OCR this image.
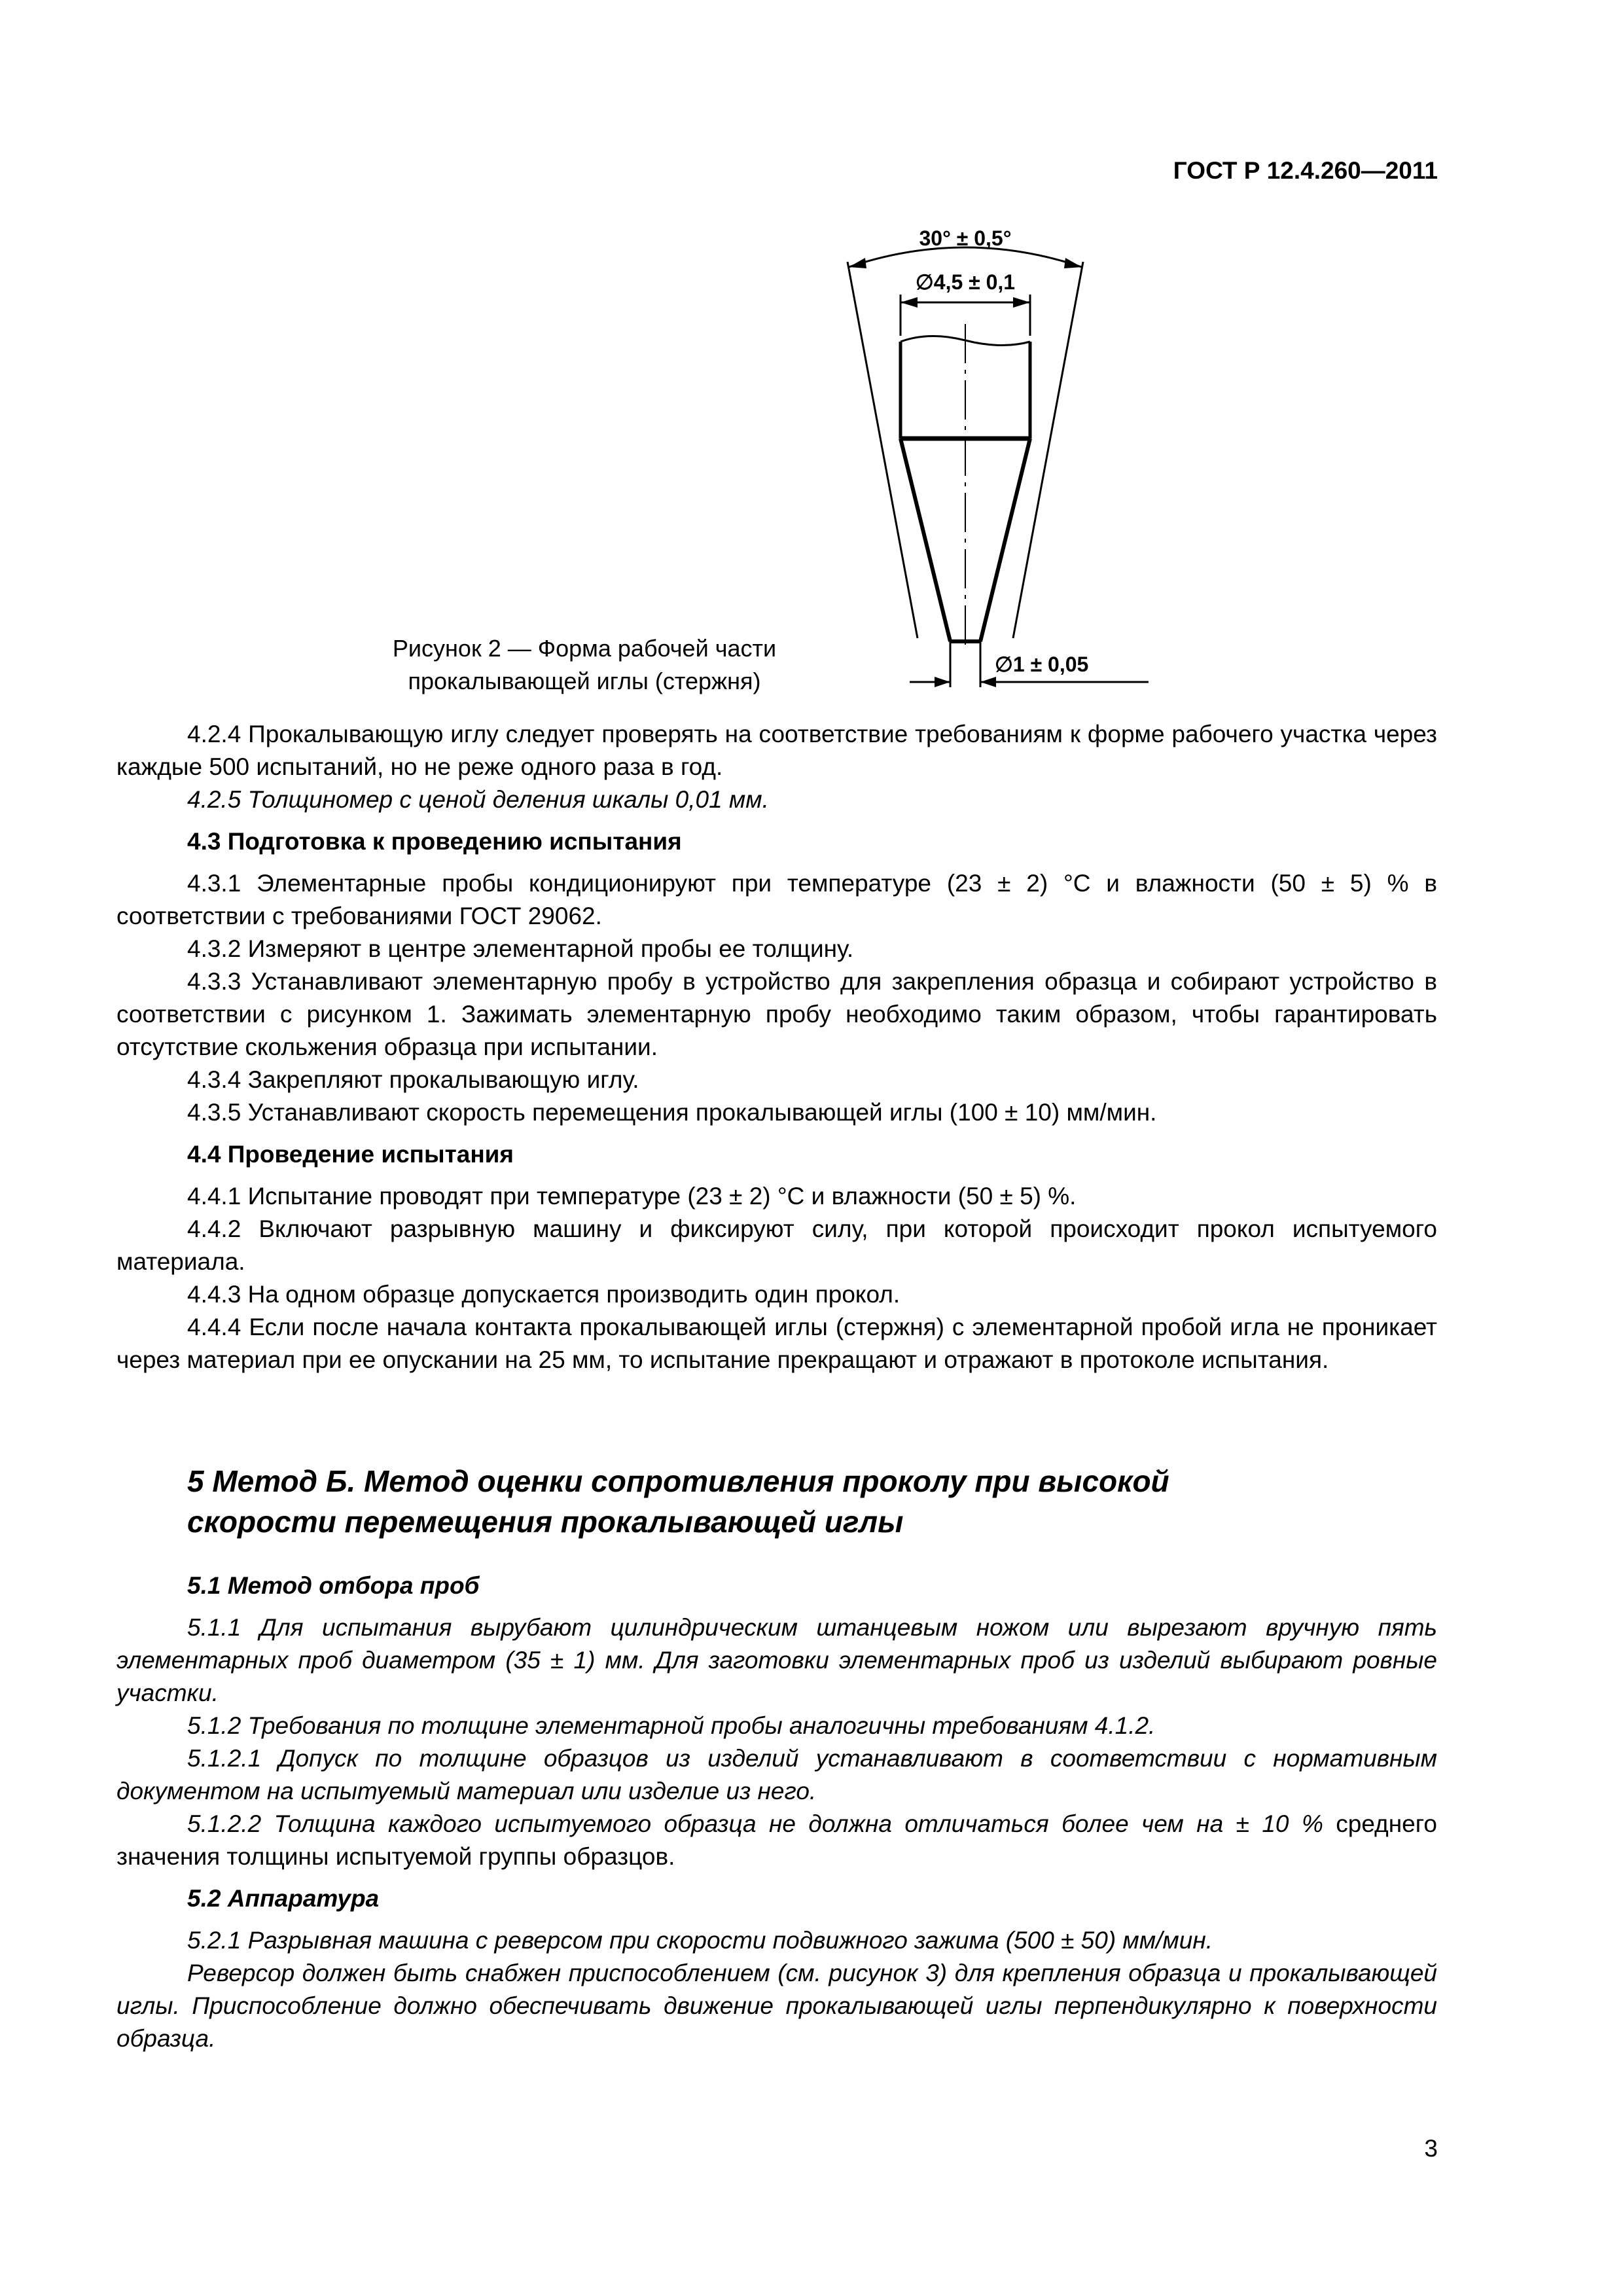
ГОСТ Р 12.4.260—2011
30° ± 0,5°
∅4,5 ± 0,1
∅1 ± 0,05
Рисунок 2 — Форма рабочей части
прокалывающей иглы (стержня)

4.2.4 Прокалывающую иглу следует проверять на соответствие требованиям к форме рабочего участка через каждые 500 испытаний, но не реже одного раза в год.

4.2.5 Толщиномер с ценой деления шкалы 0,01 мм.

4.3 Подготовка к проведению испытания

4.3.1 Элементарные пробы кондиционируют при температуре (23 ± 2) °С и влажности (50 ± 5) % в соответствии с требованиями ГОСТ 29062.

4.3.2 Измеряют в центре элементарной пробы ее толщину.

4.3.3 Устанавливают элементарную пробу в устройство для закрепления образца и собирают устройство в соответствии с рисунком 1. Зажимать элементарную пробу необходимо таким образом, чтобы гарантировать отсутствие скольжения образца при испытании.

4.3.4 Закрепляют прокалывающую иглу.

4.3.5 Устанавливают скорость перемещения прокалывающей иглы (100 ± 10) мм/мин.

4.4 Проведение испытания

4.4.1 Испытание проводят при температуре (23 ± 2) °С и влажности (50 ± 5) %.

4.4.2 Включают разрывную машину и фиксируют силу, при которой происходит прокол испытуемого материала.

4.4.3 На одном образце допускается производить один прокол.

4.4.4 Если после начала контакта прокалывающей иглы (стержня) с элементарной пробой игла не проникает через материал при ее опускании на 25 мм, то испытание прекращают и отражают в протоколе испытания.

5 Метод Б. Метод оценки сопротивления проколу при высокой

скорости перемещения прокалывающей иглы

5.1 Метод отбора проб

5.1.1 Для испытания вырубают цилиндрическим штанцевым ножом или вырезают вручную пять элементарных проб диаметром (35 ± 1) мм. Для заготовки элементарных проб из изделий выбирают ровные участки.

5.1.2 Требования по толщине элементарной пробы аналогичны требованиям 4.1.2.

5.1.2.1 Допуск по толщине образцов из изделий устанавливают в соответствии с нормативным документом на испытуемый материал или изделие из него.

5.1.2.2 Толщина каждого испытуемого образца не должна отличаться более чем на ± 10 % среднего значения толщины испытуемой группы образцов.

5.2 Аппаратура

5.2.1 Разрывная машина с реверсом при скорости подвижного зажима (500 ± 50) мм/мин.

Реверсор должен быть снабжен приспособлением (см. рисунок 3) для крепления образца и прокалывающей иглы. Приспособление должно обеспечивать движение прокалывающей иглы перпендикулярно к поверхности образца.

3
